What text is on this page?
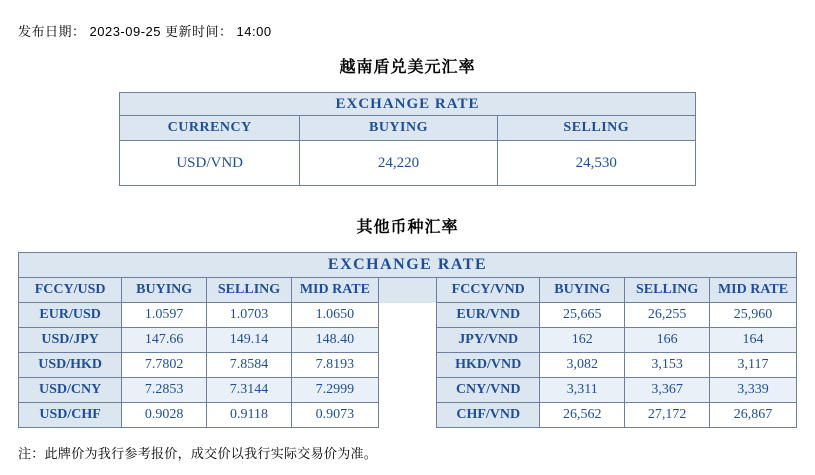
发布日期： 2023-09-25 更新时间： 14:00
越南盾兑美元汇率
EXCHANGE RATE		
CURRENCY	BUYING	SELLING
USD/VND	24,220	24,530
其他币种汇率
EXCHANGE RATE								
FCCY/USD	BUYING	SELLING	MID RATE		FCCY/VND	BUYING	SELLING	MID RATE
EUR/USD	1.0597	1.0703	1.0650		EUR/VND	25,665	26,255	25,960
USD/JPY	147.66	149.14	148.40		JPY/VND	162	166	164
USD/HKD	7.7802	7.8584	7.8193		HKD/VND	3,082	3,153	3,117
USD/CNY	7.2853	7.3144	7.2999		CNY/VND	3,311	3,367	3,339
USD/CHF	0.9028	0.9118	0.9073		CHF/VND	26,562	27,172	26,867
注：此牌价为我行参考报价，成交价以我行实际交易价为准。
